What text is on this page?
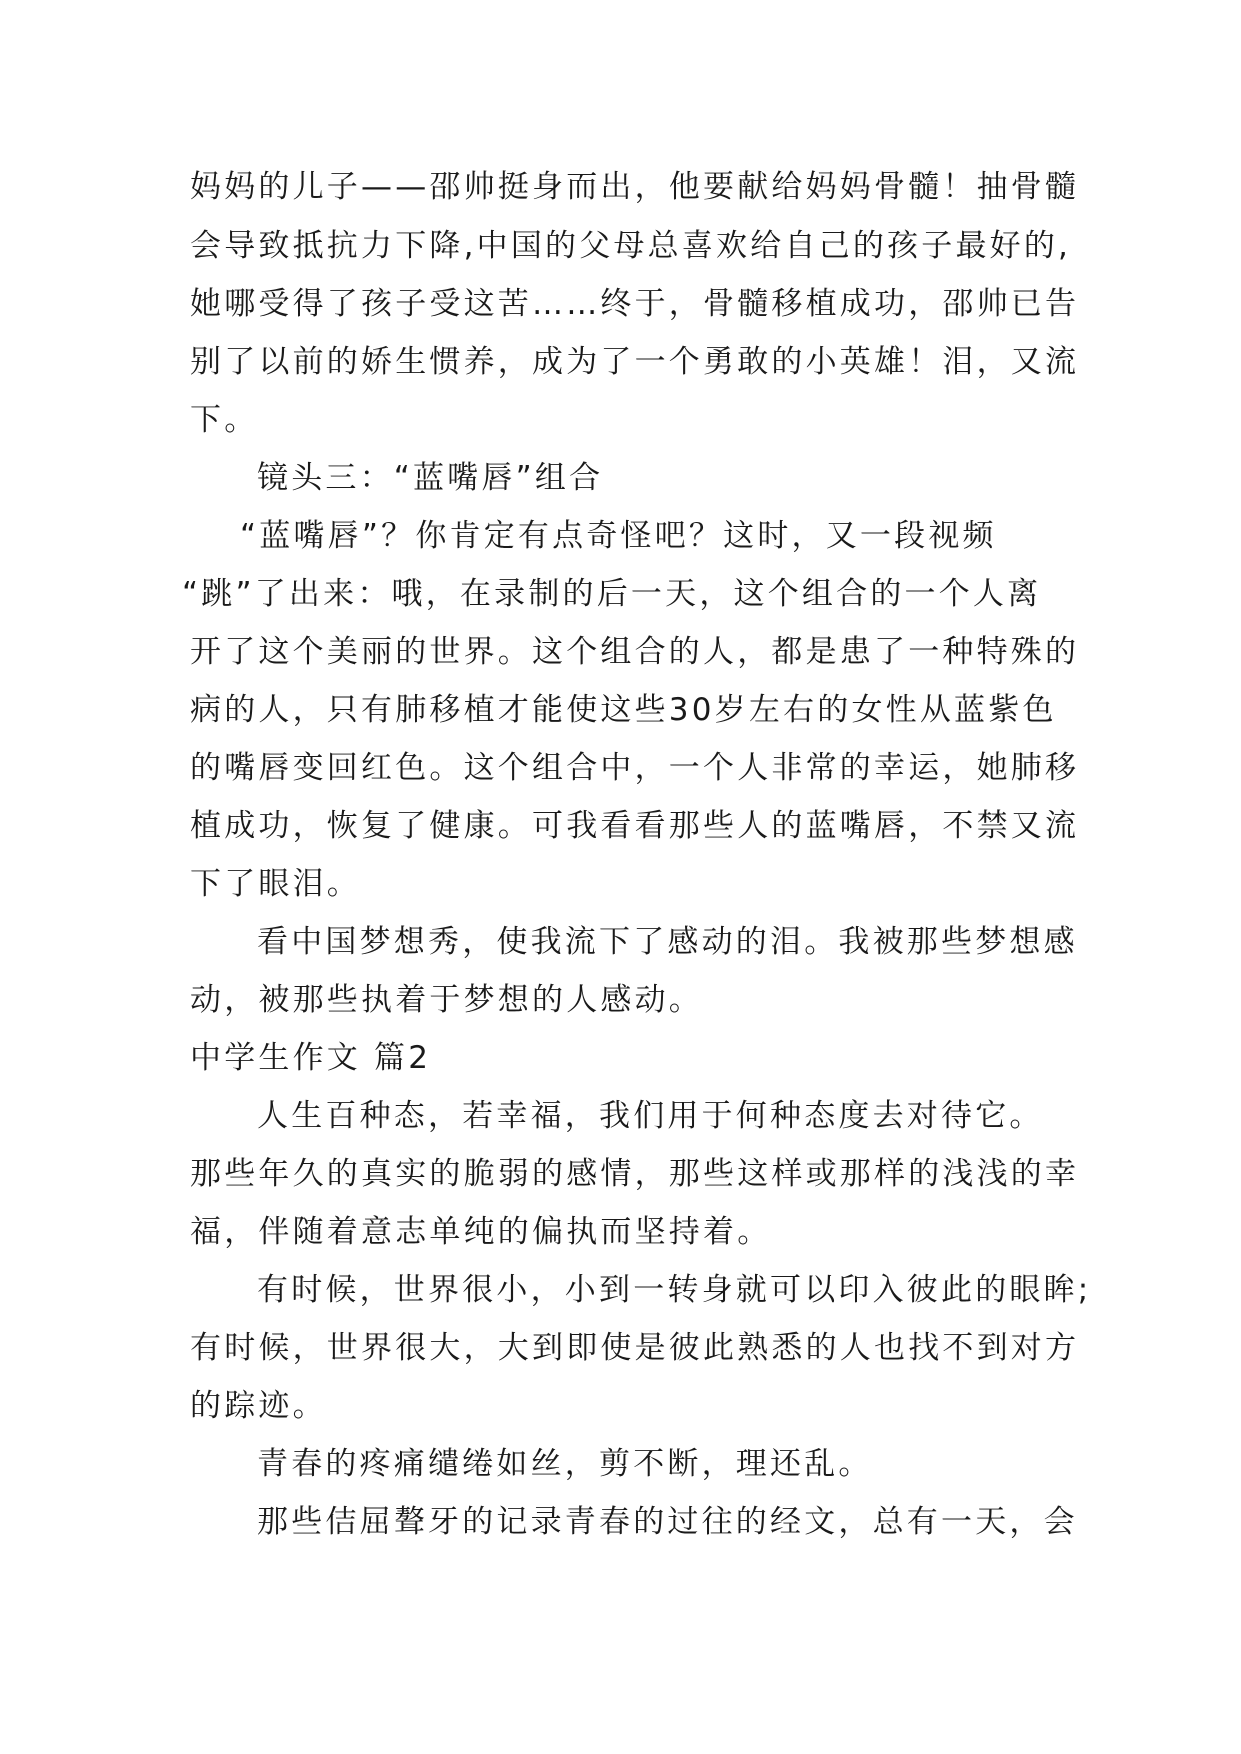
妈妈的儿子——邵帅挺身而出，他要献给妈妈骨髓！抽骨髓
会导致抵抗力下降,中国的父母总喜欢给自己的孩子最好的,
她哪受得了孩子受这苦……终于，骨髓移植成功，邵帅已告
别了以前的娇生惯养，成为了一个勇敢的小英雄！泪，又流
下。
镜头三：“蓝嘴唇”组合
“蓝嘴唇”？你肯定有点奇怪吧？这时，又一段视频
“跳”了出来：哦，在录制的后一天，这个组合的一个人离
开了这个美丽的世界。这个组合的人，都是患了一种特殊的
病的人，只有肺移植才能使这些30岁左右的女性从蓝紫色
的嘴唇变回红色。这个组合中，一个人非常的幸运，她肺移
植成功，恢复了健康。可我看看那些人的蓝嘴唇，不禁又流
下了眼泪。
看中国梦想秀，使我流下了感动的泪。我被那些梦想感
动，被那些执着于梦想的人感动。
中学生作文 篇2
人生百种态，若幸福，我们用于何种态度去对待它。
那些年久的真实的脆弱的感情，那些这样或那样的浅浅的幸
福，伴随着意志单纯的偏执而坚持着。
有时候，世界很小，小到一转身就可以印入彼此的眼眸;
有时候，世界很大，大到即使是彼此熟悉的人也找不到对方
的踪迹。
青春的疼痛缱绻如丝，剪不断，理还乱。
那些佶屈聱牙的记录青春的过往的经文，总有一天，会
